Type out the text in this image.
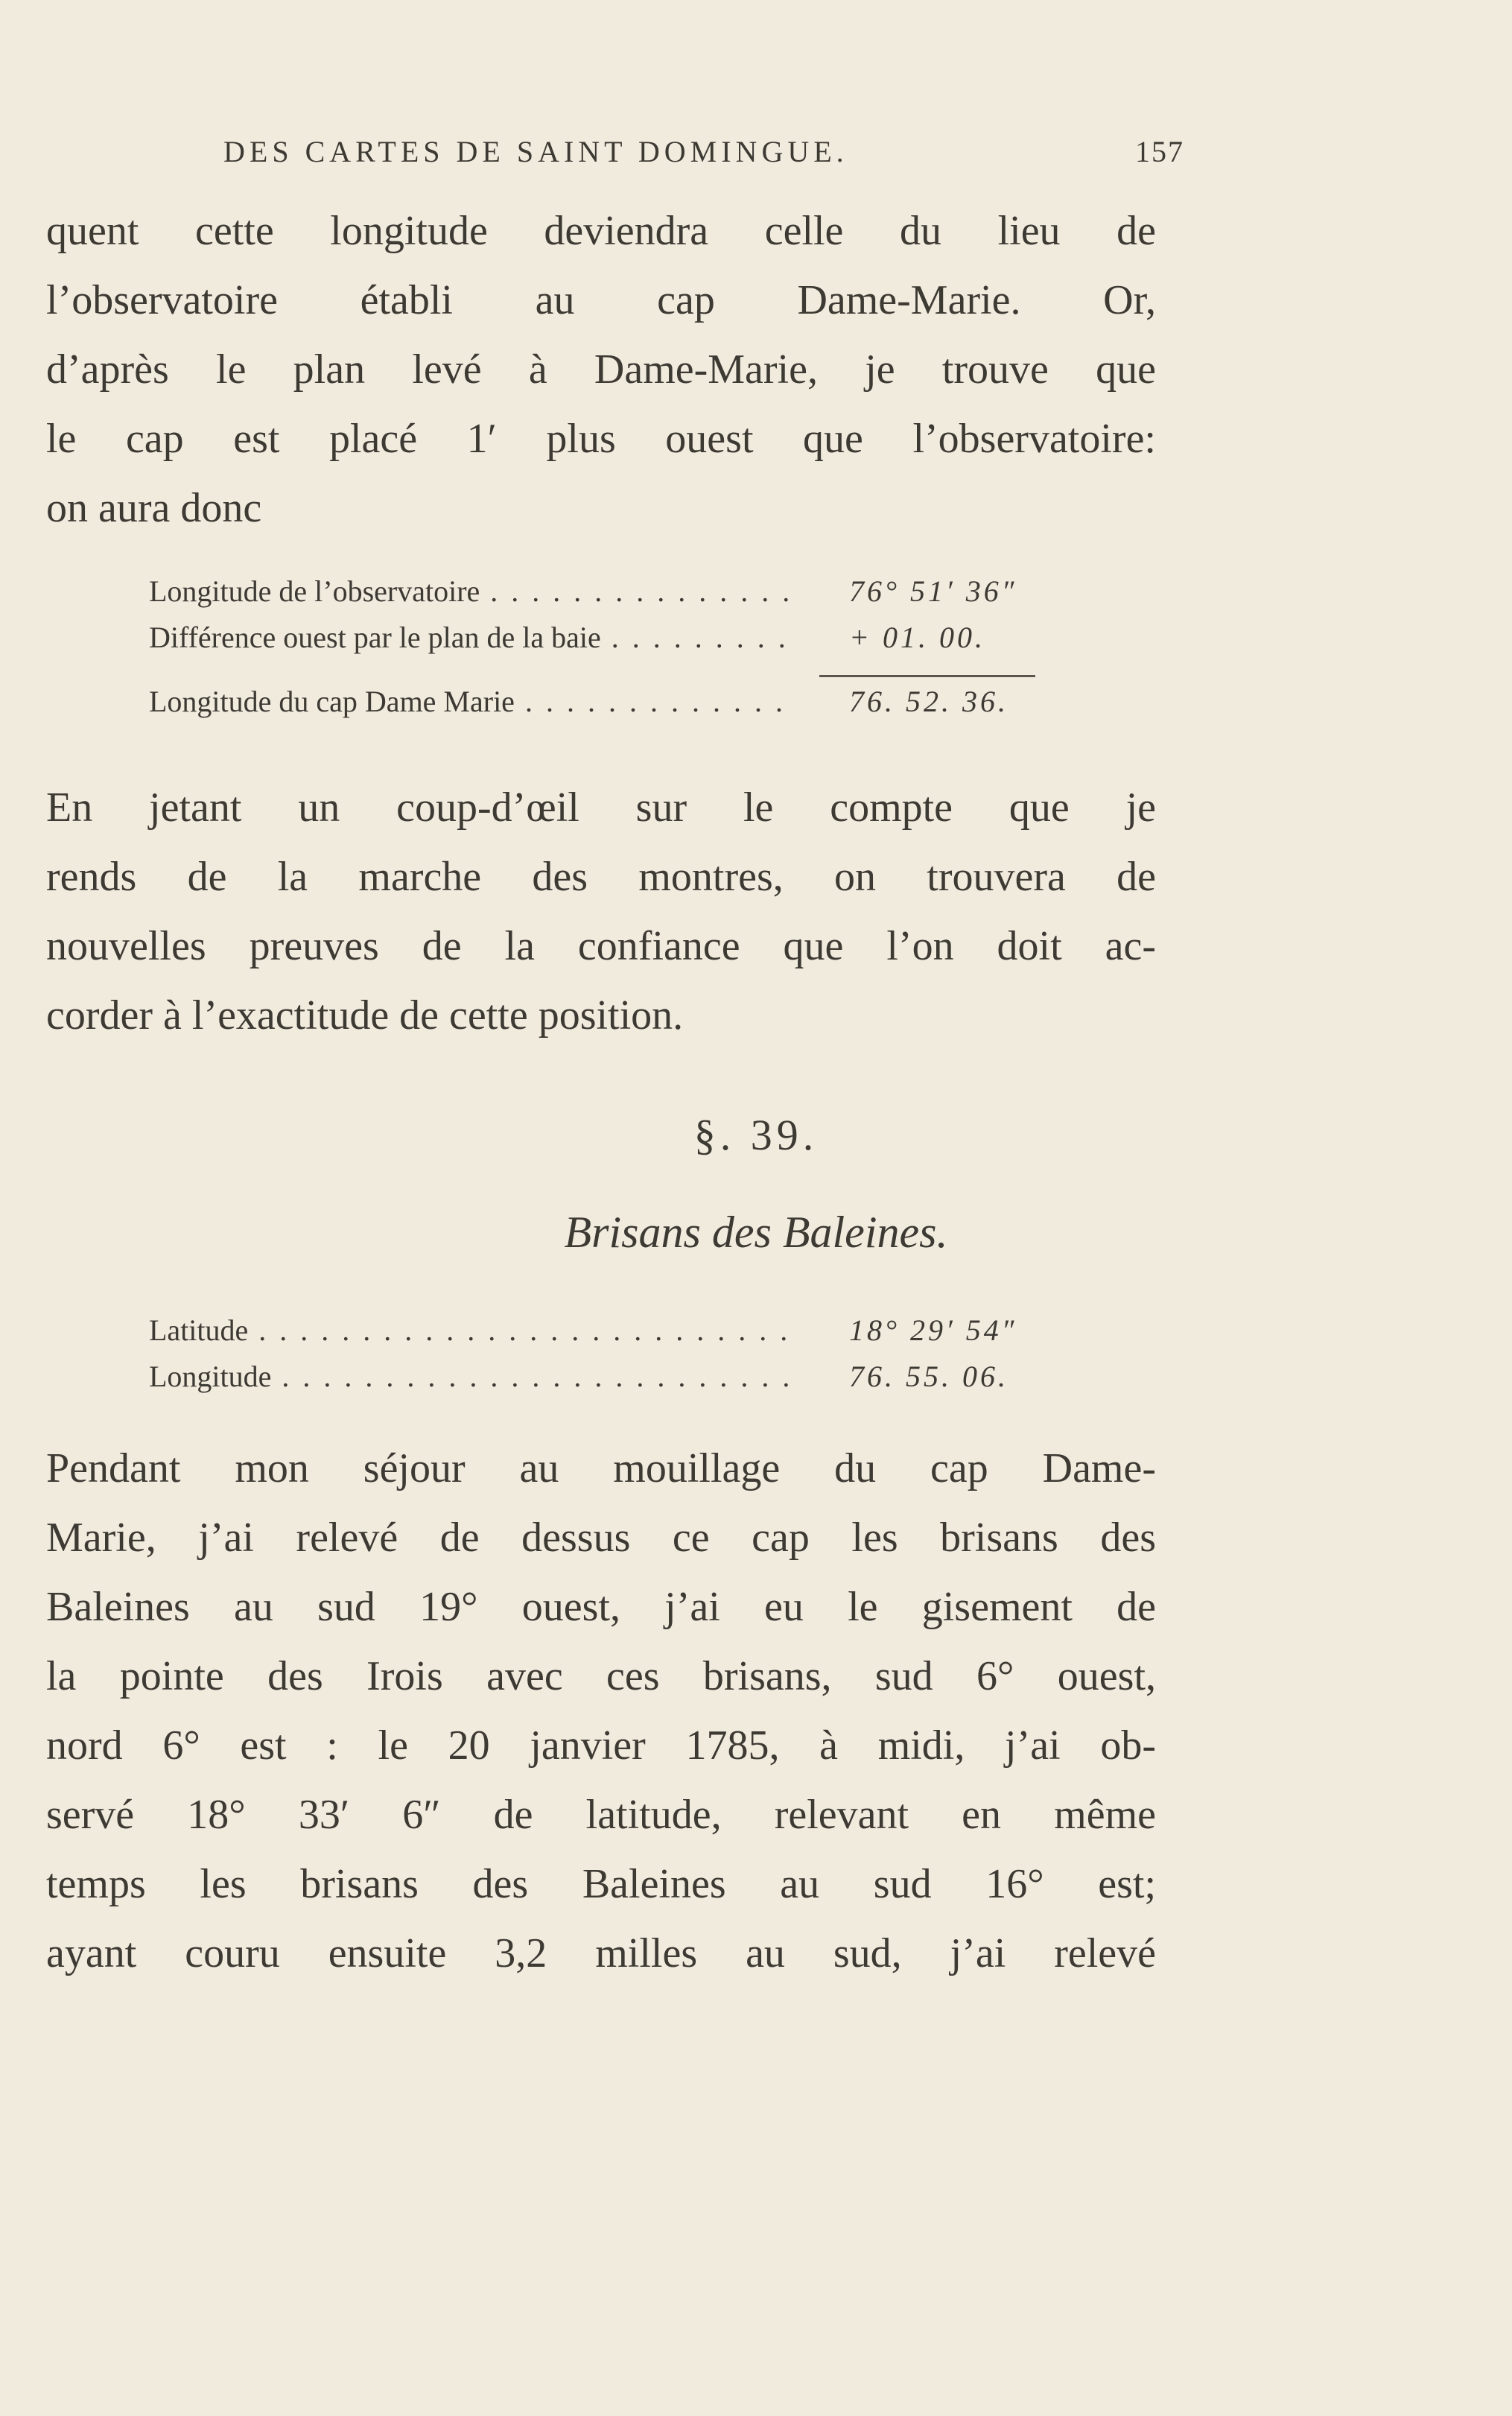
DES CARTES DE SAINT DOMINGUE.	157
quent cette longitude deviendra celle du lieu de
l’observatoire établi au cap Dame-Marie. Or,
d’après le plan levé à Dame-Marie, je trouve que
le cap est placé 1′ plus ouest que l’observatoire:
on aura donc
Longitude de l’observatoire . . .	76° 51′ 36″
Différence ouest par le plan de la baie . . .	+ 01. 00.
Longitude du cap Dame Marie . . .	76. 52. 36.
En jetant un coup-d’œil sur le compte que je
rends de la marche des montres, on trouvera de
nouvelles preuves de la confiance que l’on doit ac-
corder à l’exactitude de cette position.
§. 39.
Brisans des Baleines.
Latitude . . .	18° 29′ 54″
Longitude . . .	76. 55. 06.
Pendant mon séjour au mouillage du cap Dame-
Marie, j’ai relevé de dessus ce cap les brisans des
Baleines au sud 19° ouest, j’ai eu le gisement de
la pointe des Irois avec ces brisans, sud 6° ouest,
nord 6° est : le 20 janvier 1785, à midi, j’ai ob-
servé 18° 33′ 6″ de latitude, relevant en même
temps les brisans des Baleines au sud 16° est;
ayant couru ensuite 3,2 milles au sud, j’ai relevé
